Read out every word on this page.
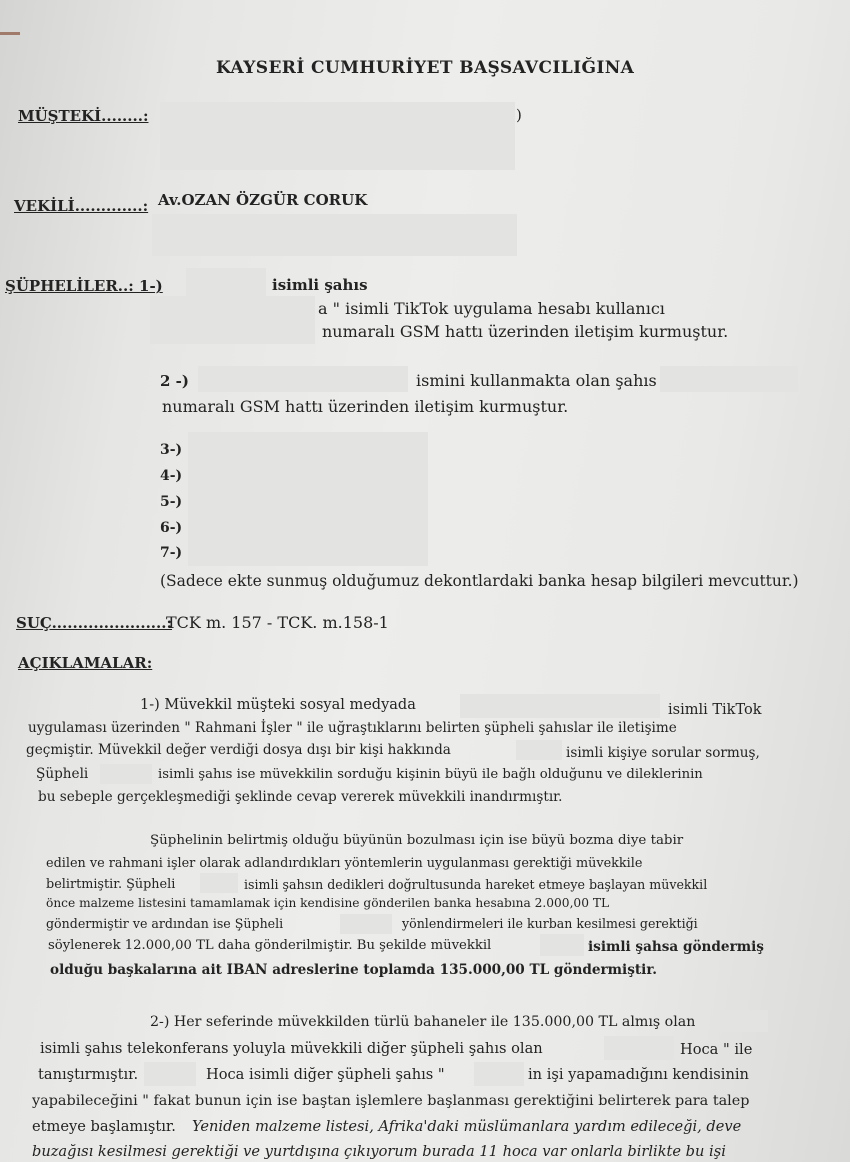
KAYSERİ CUMHURİYET BAŞSAVCILIĞINA
MÜŞTEKİ........:	)
VEKİLİ.............: Av.OZAN ÖZGÜR CORUK
ŞÜPHELİLER..: 1-)	isimli şahıs
a " isimli TikTok uygulama hesabı kullanıcı
numaralı GSM hattı üzerinden iletişim kurmuştur.
2 -)	ismini kullanmakta olan şahıs
numaralı GSM hattı üzerinden iletişim kurmuştur.
3-)
4-)
5-)
6-)
7-)
(Sadece ekte sunmuş olduğumuz dekontlardaki banka hesap bilgileri mevcuttur.)
SUÇ......................:
TCK m. 157 - TCK. m.158-1
AÇIKLAMALAR:
1-) Müvekkil müşteki sosyal medyada	isimli TikTok
uygulaması üzerinden " Rahmani İşler " ile uğraştıklarını belirten şüpheli şahıslar ile iletişime
geçmiştir. Müvekkil değer verdiği dosya dışı bir kişi hakkında	isimli kişiye sorular sormuş,
Şüpheli	isimli şahıs ise müvekkilin sorduğu kişinin büyü ile bağlı olduğunu ve dileklerinin
bu sebeple gerçekleşmediği şeklinde cevap vererek müvekkili inandırmıştır.
Şüphelinin belirtmiş olduğu büyünün bozulması için ise büyü bozma diye tabir
edilen ve rahmani işler olarak adlandırdıkları yöntemlerin uygulanması gerektiği müvekkile
belirtmiştir. Şüpheli	isimli şahsın dedikleri doğrultusunda hareket etmeye başlayan müvekkil
önce malzeme listesini tamamlamak için kendisine gönderilen banka hesabına 2.000,00 TL
göndermiştir ve ardından ise Şüpheli	yönlendirmeleri ile kurban kesilmesi gerektiği
söylenerek 12.000,00 TL daha gönderilmiştir. Bu şekilde müvekkil	isimli şahsa göndermiş
olduğu başkalarına ait IBAN adreslerine toplamda 135.000,00 TL göndermiştir.
2-) Her seferinde müvekkilden türlü bahaneler ile 135.000,00 TL almış olan
isimli şahıs telekonferans yoluyla müvekkili diğer şüpheli şahıs olan	Hoca " ile
tanıştırmıştır.	Hoca isimli diğer şüpheli şahıs "	in işi yapamadığını kendisinin
yapabileceğini " fakat bunun için ise baştan işlemlere başlanması gerektiğini belirterek para talep
etmeye başlamıştır. Yeniden malzeme listesi, Afrika'daki müslümanlara yardım edileceği, deve
buzağısı kesilmesi gerektiği ve yurtdışına çıkıyorum burada 11 hoca var onlarla birlikte bu işi
